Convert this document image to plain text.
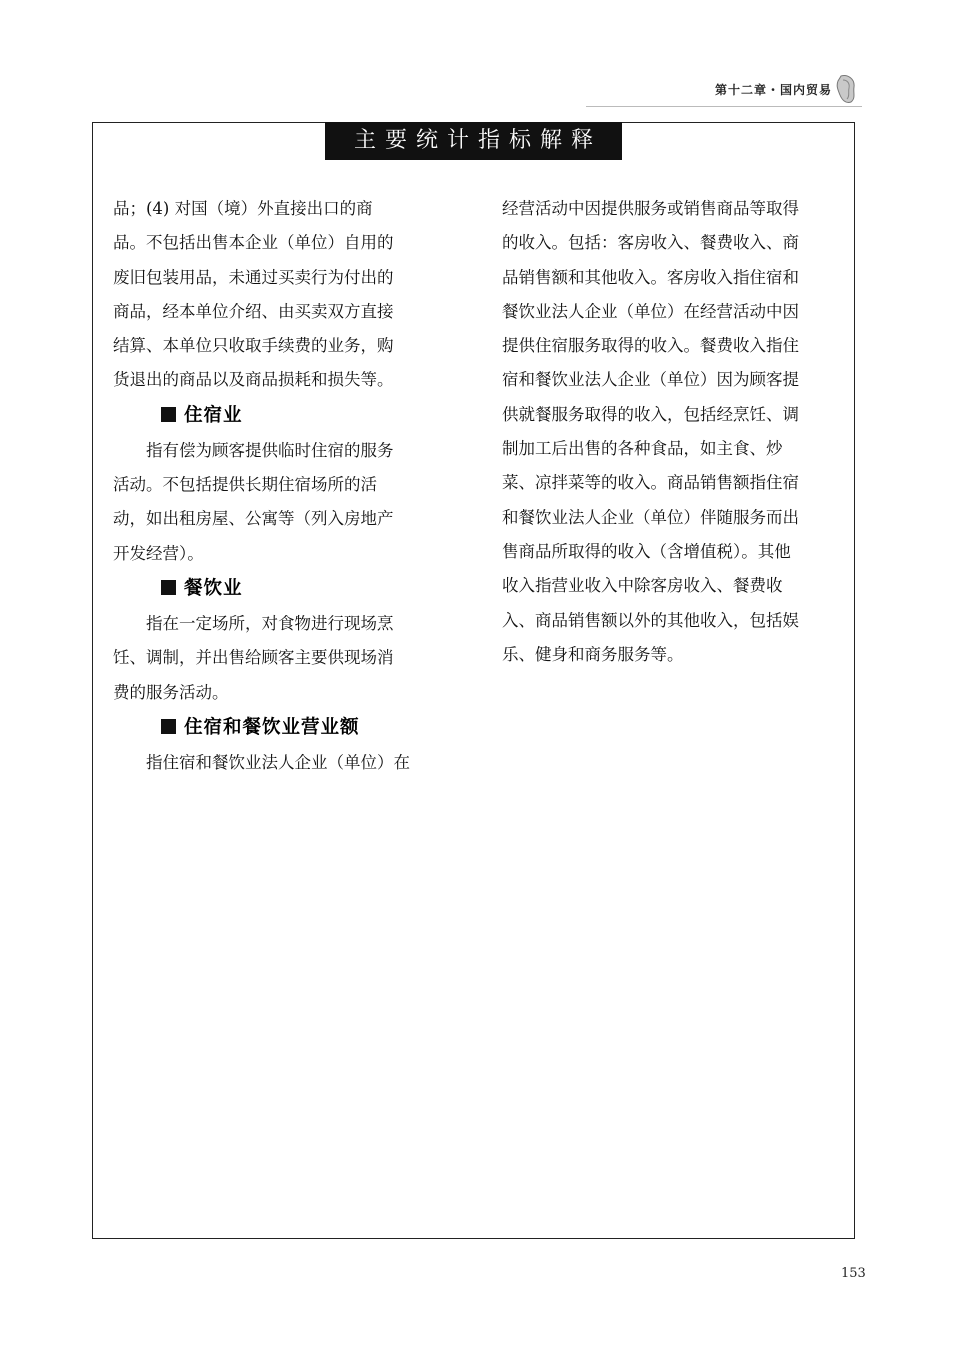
第十二章・国内贸易
主要统计指标解释

品；(4) 对国（境）外直接出口的商

品。不包括出售本企业（单位）自用的

废旧包装用品，未通过买卖行为付出的

商品，经本单位介绍、由买卖双方直接

结算、本单位只收取手续费的业务，购

货退出的商品以及商品损耗和损失等。

住宿业

指有偿为顾客提供临时住宿的服务

活动。不包括提供长期住宿场所的活

动，如出租房屋、公寓等（列入房地产

开发经营）。

餐饮业

指在一定场所，对食物进行现场烹

饪、调制，并出售给顾客主要供现场消

费的服务活动。

住宿和餐饮业营业额

指住宿和餐饮业法人企业（单位）在

经营活动中因提供服务或销售商品等取得

的收入。包括：客房收入、餐费收入、商

品销售额和其他收入。客房收入指住宿和

餐饮业法人企业（单位）在经营活动中因

提供住宿服务取得的收入。餐费收入指住

宿和餐饮业法人企业（单位）因为顾客提

供就餐服务取得的收入，包括经烹饪、调

制加工后出售的各种食品，如主食、炒

菜、凉拌菜等的收入。商品销售额指住宿

和餐饮业法人企业（单位）伴随服务而出

售商品所取得的收入（含增值税）。其他

收入指营业收入中除客房收入、餐费收

入、商品销售额以外的其他收入，包括娱

乐、健身和商务服务等。

153
